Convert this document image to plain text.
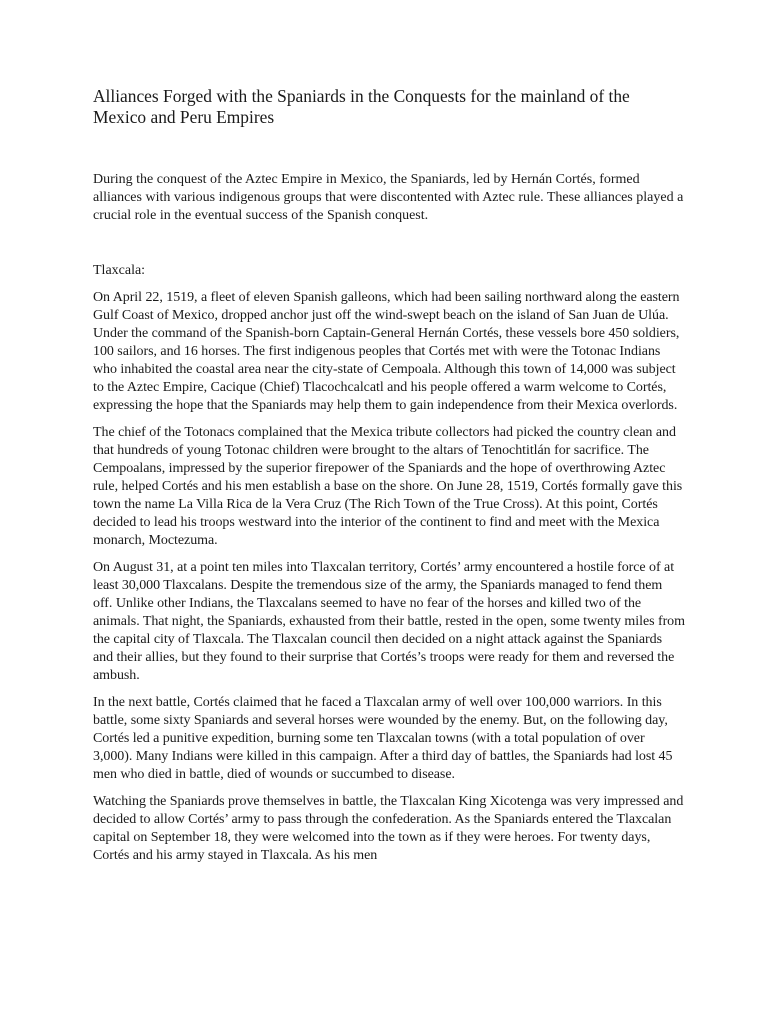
Alliances Forged with the Spaniards in the Conquests for the mainland of the Mexico and Peru Empires

During the conquest of the Aztec Empire in Mexico, the Spaniards, led by Hernán Cortés, formed alliances with various indigenous groups that were discontented with Aztec rule. These alliances played a crucial role in the eventual success of the Spanish conquest.

Tlaxcala:

On April 22, 1519, a fleet of eleven Spanish galleons, which had been sailing northward along the eastern Gulf Coast of Mexico, dropped anchor just off the wind-swept beach on the island of San Juan de Ulúa. Under the command of the Spanish-born Captain-General Hernán Cortés, these vessels bore 450 soldiers, 100 sailors, and 16 horses. The first indigenous peoples that Cortés met with were the Totonac Indians who inhabited the coastal area near the city-state of Cempoala. Although this town of 14,000 was subject to the Aztec Empire, Cacique (Chief) Tlacochcalcatl and his people offered a warm welcome to Cortés, expressing the hope that the Spaniards may help them to gain independence from their Mexica overlords.

The chief of the Totonacs complained that the Mexica tribute collectors had picked the country clean and that hundreds of young Totonac children were brought to the altars of Tenochtitlán for sacrifice. The Cempoalans, impressed by the superior firepower of the Spaniards and the hope of overthrowing Aztec rule, helped Cortés and his men establish a base on the shore. On June 28, 1519, Cortés formally gave this town the name La Villa Rica de la Vera Cruz (The Rich Town of the True Cross). At this point, Cortés decided to lead his troops westward into the interior of the continent to find and meet with the Mexica monarch, Moctezuma.

On August 31, at a point ten miles into Tlaxcalan territory, Cortés’ army encountered a hostile force of at least 30,000 Tlaxcalans. Despite the tremendous size of the army, the Spaniards managed to fend them off. Unlike other Indians, the Tlaxcalans seemed to have no fear of the horses and killed two of the animals. That night, the Spaniards, exhausted from their battle, rested in the open, some twenty miles from the capital city of Tlaxcala. The Tlaxcalan council then decided on a night attack against the Spaniards and their allies, but they found to their surprise that Cortés’s troops were ready for them and reversed the ambush.

In the next battle, Cortés claimed that he faced a Tlaxcalan army of well over 100,000 warriors. In this battle, some sixty Spaniards and several horses were wounded by the enemy. But, on the following day, Cortés led a punitive expedition, burning some ten Tlaxcalan towns (with a total population of over 3,000). Many Indians were killed in this campaign. After a third day of battles, the Spaniards had lost 45 men who died in battle, died of wounds or succumbed to disease.

Watching the Spaniards prove themselves in battle, the Tlaxcalan King Xicotenga was very impressed and decided to allow Cortés’ army to pass through the confederation. As the Spaniards entered the Tlaxcalan capital on September 18, they were welcomed into the town as if they were heroes. For twenty days, Cortés and his army stayed in Tlaxcala. As his men
